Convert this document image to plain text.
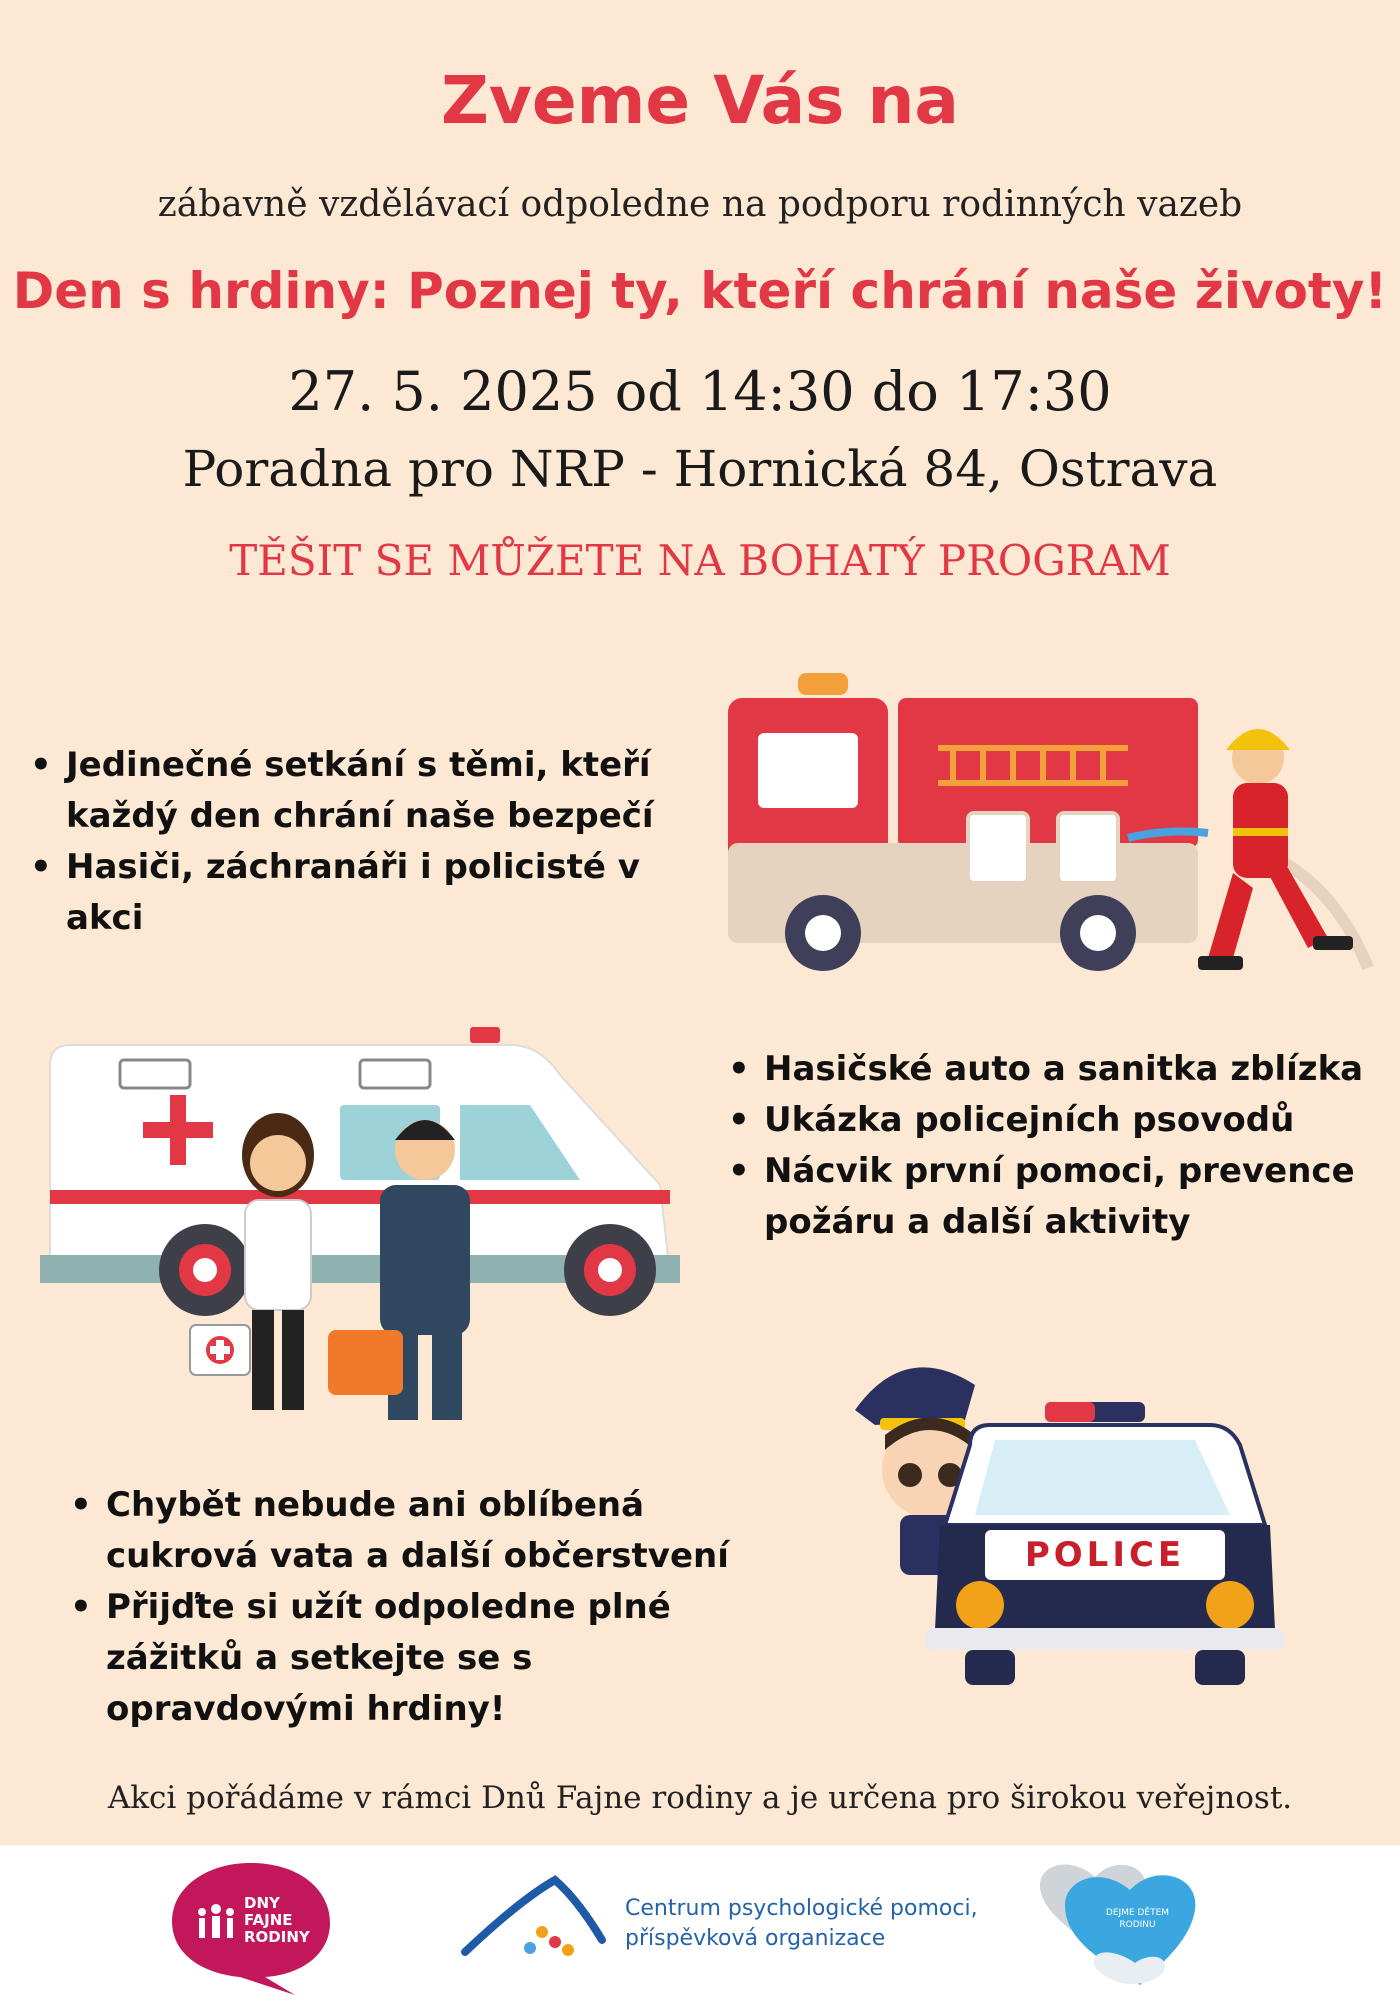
Zveme Vás na
zábavně vzdělávací odpoledne na podporu rodinných vazeb
Den s hrdiny: Poznej ty, kteří chrání naše životy!
27. 5. 2025 od 14:30 do 17:30
Poradna pro NRP - Hornická 84, Ostrava
TĚŠIT SE MŮŽETE NA BOHATÝ PROGRAM
• Jedinečné setkání s těmi, kteří každý den chrání naše bezpečí
• Hasiči, záchranáři i policisté v akci
• Hasičské auto a sanitka zblízka
• Ukázka policejních psovodů
• Nácvik první pomoci, prevence požáru a další aktivity
• Chybět nebude ani oblíbená cukrová vata a další občerstvení
• Přijďte si užít odpoledne plné zážitků a setkejte se s opravdovými hrdiny!
POLICE
Akci pořádáme v rámci Dnů Fajne rodiny a je určena pro širokou veřejnost.
DNY
FAJNE
RODINY
Centrum psychologické pomoci,
příspěvková organizace
DEJME DĚTEM
RODINU
